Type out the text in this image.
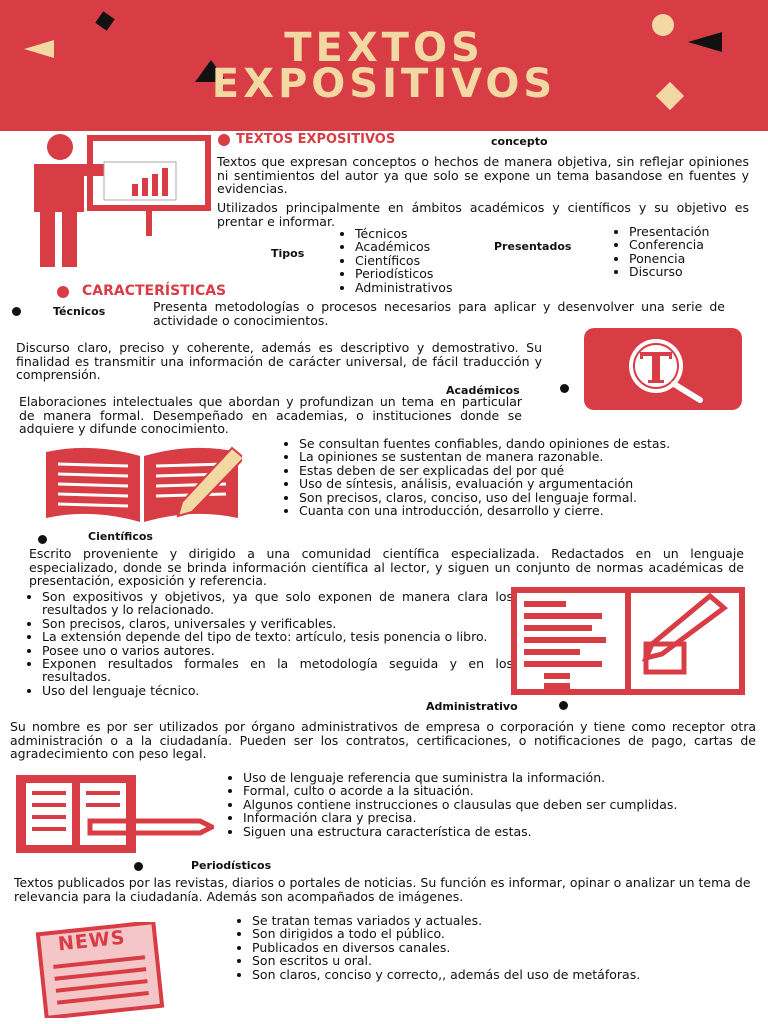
TEXTOS
EXPOSITIVOS
TEXTOS EXPOSITIVOS	concepto
Textos que expresan conceptos o hechos de manera objetiva, sin reflejar opiniones ni sentimientos del autor ya que solo se expone un tema basandose en fuentes y evidencias.
Utilizados principalmente en ámbitos académicos y científicos y su objetivo es prentar e informar.
Tipos
• Técnicos
• Académicos
• Científicos
• Periodísticos
• Administrativos
Presentados
• Presentación
• Conferencia
• Ponencia
• Discurso
CARACTERÍSTICAS
Técnicos	Presenta metodologías o procesos necesarios para aplicar y desenvolver una serie de actividade o conocimientos.
Discurso claro, preciso y coherente, además es descriptivo y demostrativo. Su finalidad es transmitir una información de carácter universal, de fácil traducción y comprensión.
Académicos
Elaboraciones intelectuales que abordan y profundizan un tema en particular de manera formal. Desempeñado en academias, o instituciones donde se adquiere y difunde conocimiento.
• Se consultan fuentes confiables, dando opiniones de estas.
• La opiniones se sustentan de manera razonable.
• Estas deben de ser explicadas del por qué
• Uso de síntesis, análisis, evaluación y argumentación
• Son precisos, claros, conciso, uso del lenguaje formal.
• Cuanta con una introducción, desarrollo y cierre.
Científicos
Escrito proveniente y dirigido a una comunidad científica especializada. Redactados en un lenguaje especializado, donde se brinda información científica al lector, y siguen un conjunto de normas académicas de presentación, exposición y referencia.
• Son expositivos y objetivos, ya que solo exponen de manera clara los resultados y lo relacionado.
• Son precisos, claros, universales y verificables.
• La extensión depende del tipo de texto: artículo, tesis ponencia o libro.
• Posee uno o varios autores.
• Exponen resultados formales en la metodología seguida y en los resultados.
• Uso del lenguaje técnico.
Administrativo
Su nombre es por ser utilizados por órgano administrativos de empresa o corporación y tiene como receptor otra administración o a la ciudadanía. Pueden ser los contratos, certificaciones, o notificaciones de pago, cartas de agradecimiento con peso legal.
• Uso de lenguaje referencia que suministra la información.
• Formal, culto o acorde a la situación.
• Algunos contiene instrucciones o clausulas que deben ser cumplidas.
• Información clara y precisa.
• Siguen una estructura característica de estas.
Periodísticos
Textos publicados por las revistas, diarios o portales de noticias. Su función es informar, opinar o analizar un tema de relevancia para la ciudadanía. Además son acompañados de imágenes.
• Se tratan temas variados y actuales.
• Son dirigidos a todo el público.
• Publicados en diversos canales.
• Son escritos u oral.
• Son claros, conciso y correcto,, además del uso de metáforas.
NEWS
